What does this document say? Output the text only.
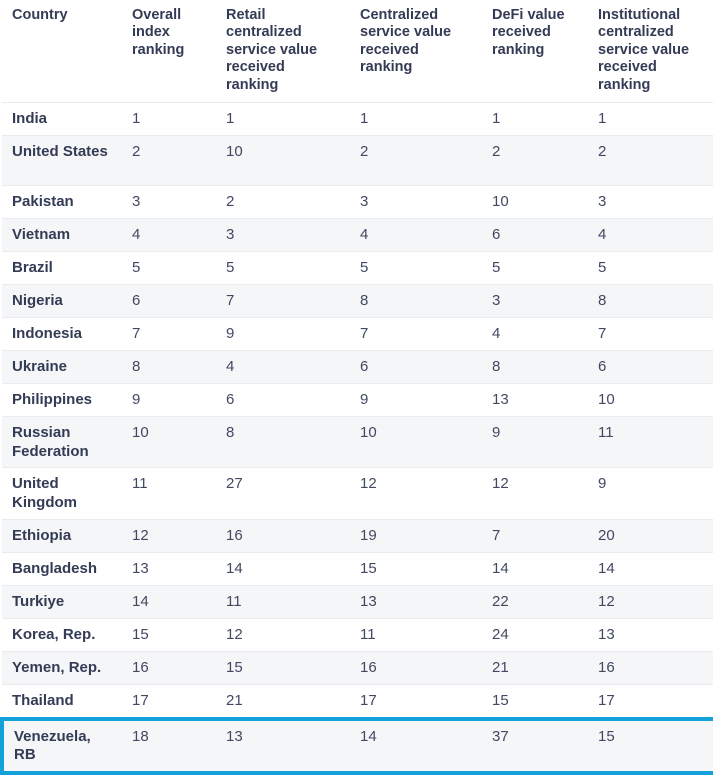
Country	Overall index ranking	Retail centralized service value received ranking	Centralized service value received ranking	DeFi value received ranking	Institutional centralized service value received ranking
India	1	1	1	1	1
United States	2	10	2	2	2
Pakistan	3	2	3	10	3
Vietnam	4	3	4	6	4
Brazil	5	5	5	5	5
Nigeria	6	7	8	3	8
Indonesia	7	9	7	4	7
Ukraine	8	4	6	8	6
Philippines	9	6	9	13	10
Russian Federation	10	8	10	9	11
United Kingdom	11	27	12	12	9
Ethiopia	12	16	19	7	20
Bangladesh	13	14	15	14	14
Turkiye	14	11	13	22	12
Korea, Rep.	15	12	11	24	13
Yemen, Rep.	16	15	16	21	16
Thailand	17	21	17	15	17
Venezuela, RB	18	13	14	37	15
